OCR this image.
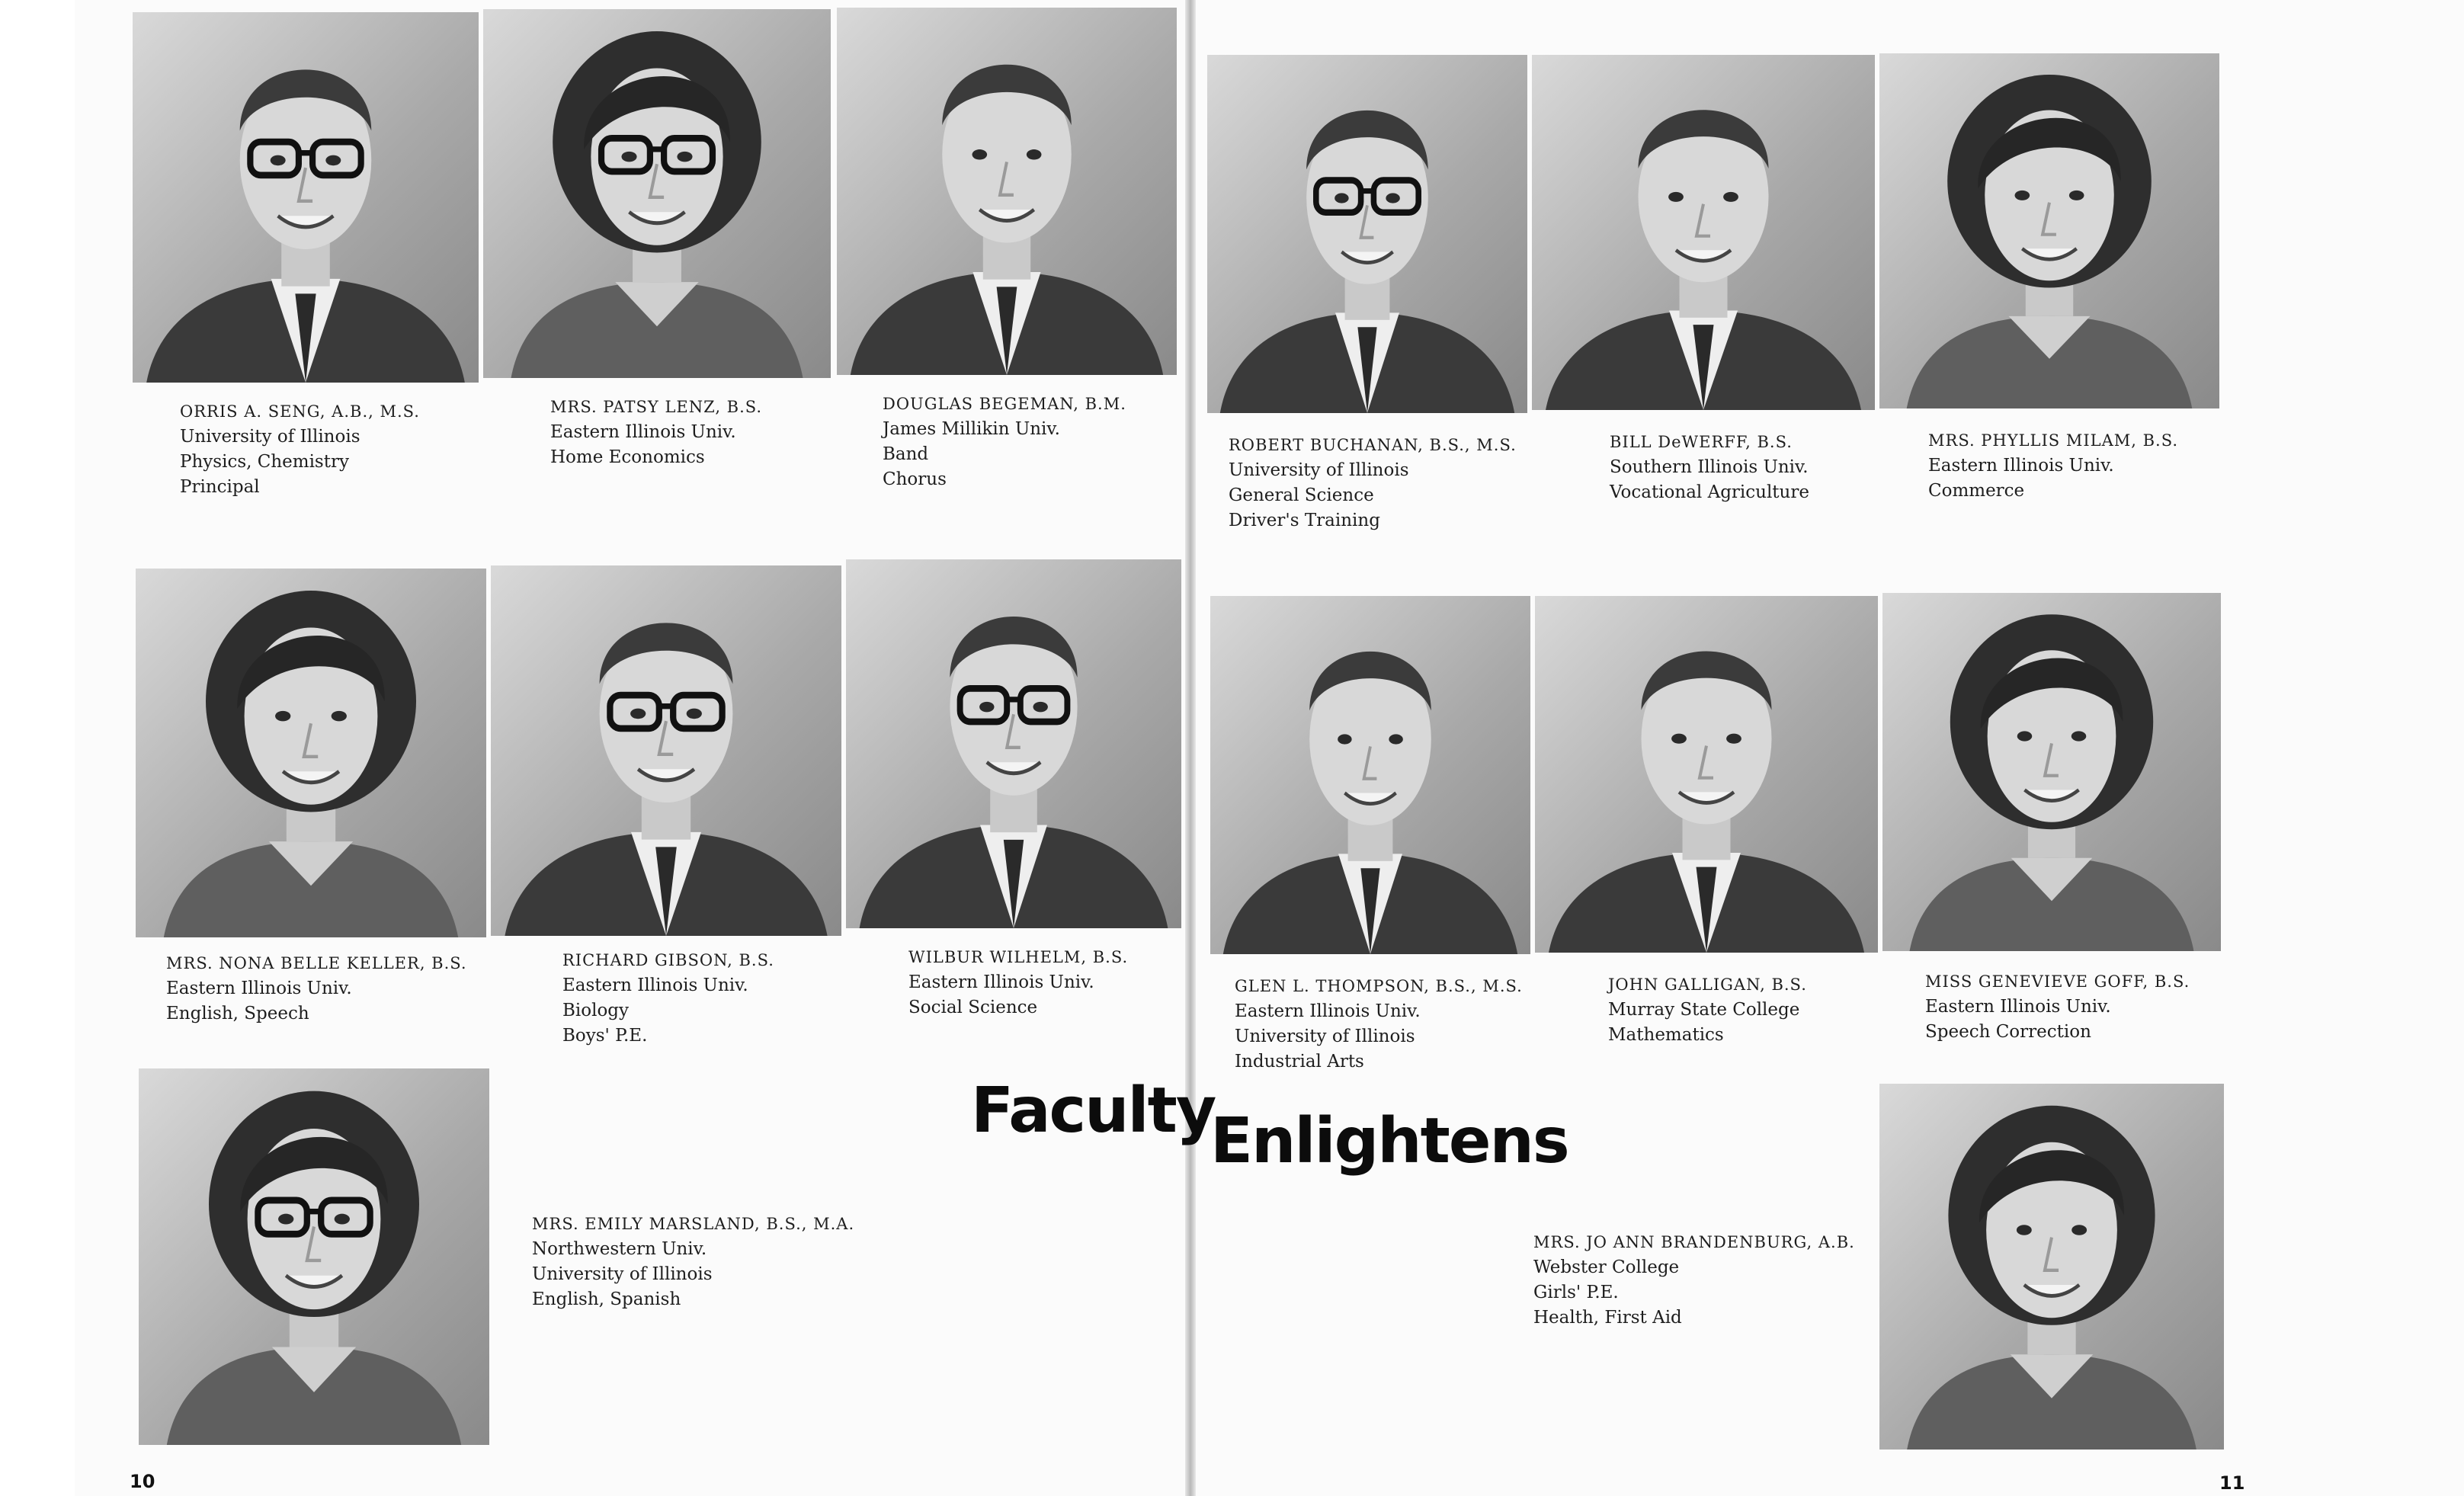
ORRIS A. SENG, A.B., M.S.
University of Illinois
Physics, Chemistry
Principal
MRS. PATSY LENZ, B.S.
Eastern Illinois Univ.
Home Economics
DOUGLAS BEGEMAN, B.M.
James Millikin Univ.
Band
Chorus
ROBERT BUCHANAN, B.S., M.S.
University of Illinois
General Science
Driver's Training
BILL DeWERFF, B.S.
Southern Illinois Univ.
Vocational Agriculture
MRS. PHYLLIS MILAM, B.S.
Eastern Illinois Univ.
Commerce
MRS. NONA BELLE KELLER, B.S.
Eastern Illinois Univ.
English, Speech
RICHARD GIBSON, B.S.
Eastern Illinois Univ.
Biology
Boys' P.E.
WILBUR WILHELM, B.S.
Eastern Illinois Univ.
Social Science
GLEN L. THOMPSON, B.S., M.S.
Eastern Illinois Univ.
University of Illinois
Industrial Arts
JOHN GALLIGAN, B.S.
Murray State College
Mathematics
MISS GENEVIEVE GOFF, B.S.
Eastern Illinois Univ.
Speech Correction
MRS. EMILY MARSLAND, B.S., M.A.
Northwestern Univ.
University of Illinois
English, Spanish
MRS. JO ANN BRANDENBURG, A.B.
Webster College
Girls' P.E.
Health, First Aid
Faculty
Enlightens
10	11
